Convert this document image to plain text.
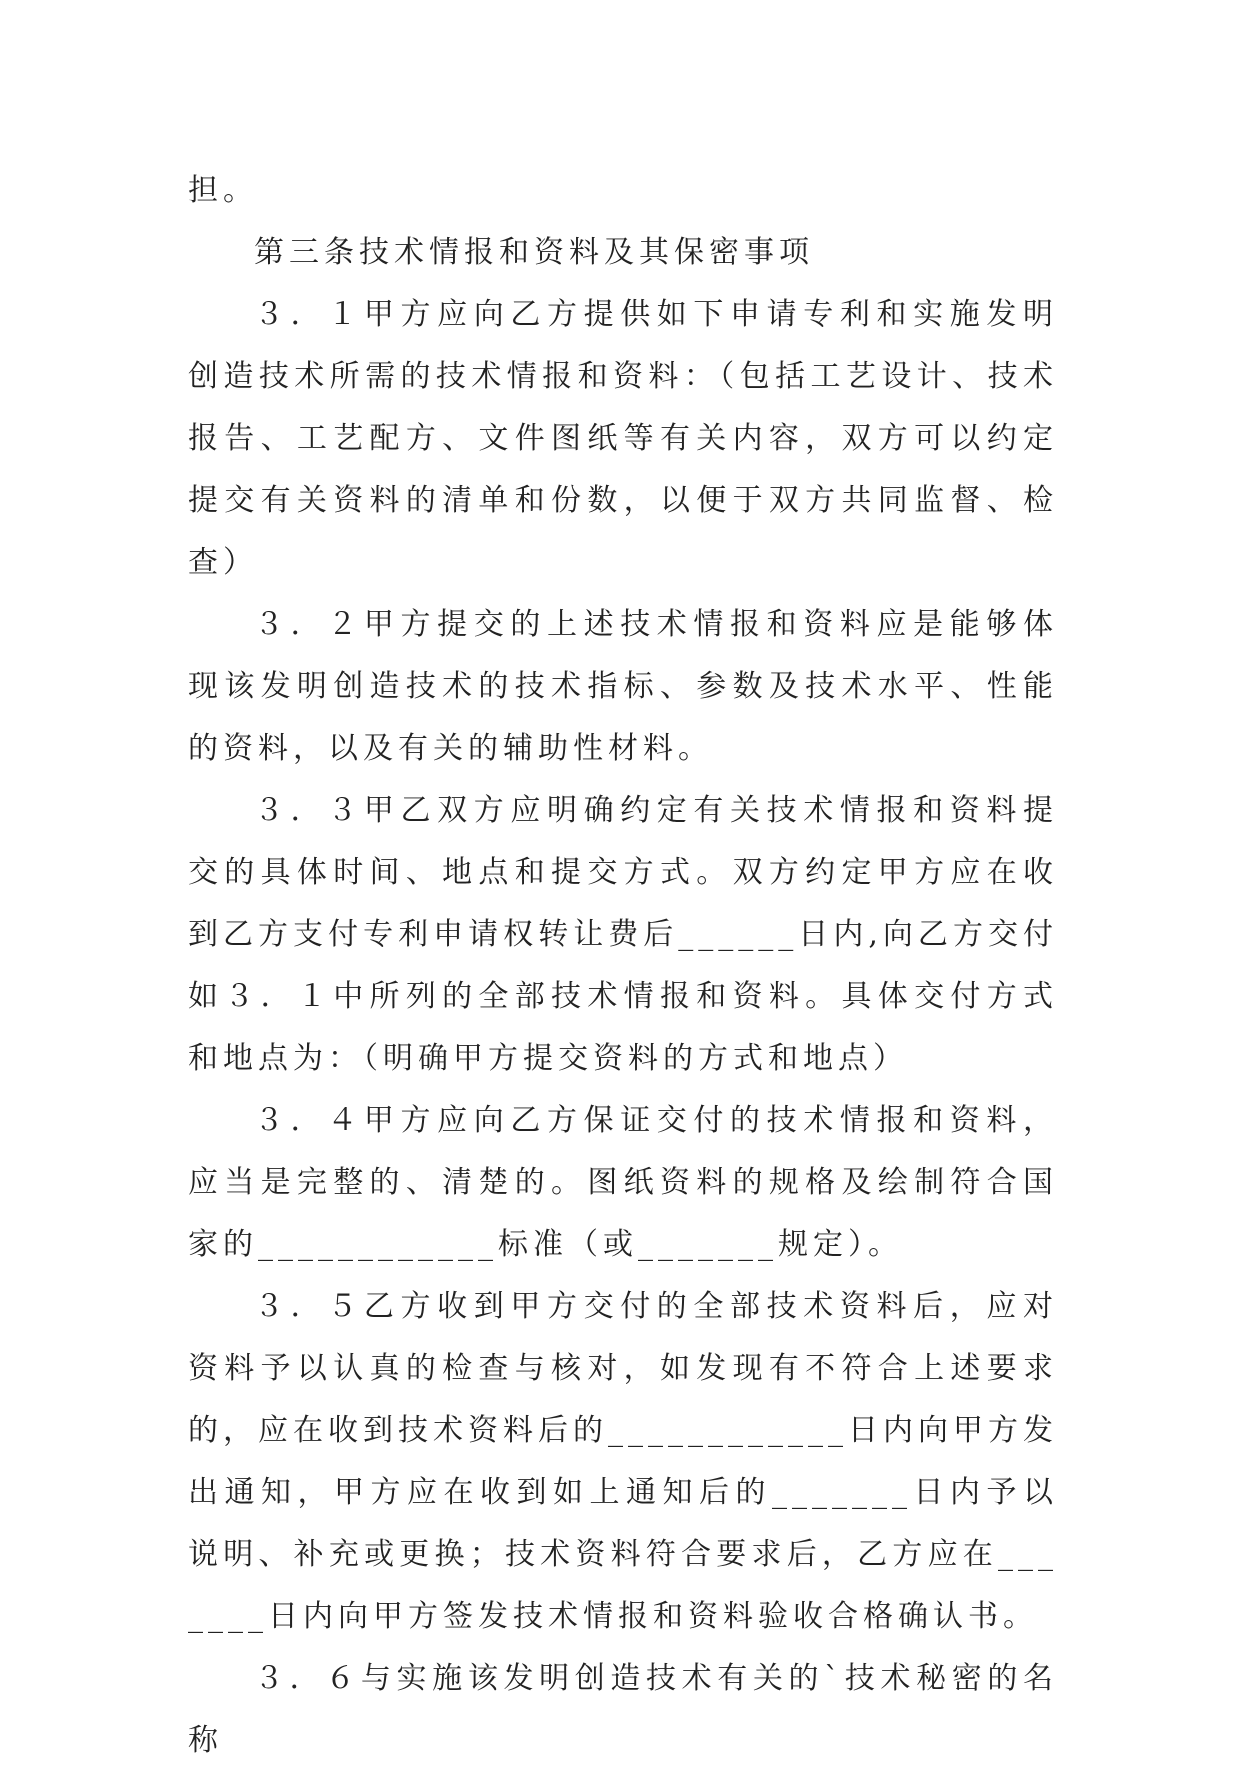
担。

第三条技术情报和资料及其保密事项

３．１甲方应向乙方提供如下申请专利和实施发明创造技术所需的技术情报和资料：（包括工艺设计、技术报告、工艺配方、文件图纸等有关内容，双方可以约定提交有关资料的清单和份数，以便于双方共同监督、检查）

３．２甲方提交的上述技术情报和资料应是能够体现该发明创造技术的技术指标、参数及技术水平、性能的资料，以及有关的辅助性材料。

３．３甲乙双方应明确约定有关技术情报和资料提交的具体时间、地点和提交方式。双方约定甲方应在收到乙方支付专利申请权转让费后______日内,向乙方交付如３．１中所列的全部技术情报和资料。具体交付方式和地点为：（明确甲方提交资料的方式和地点）

３．４甲方应向乙方保证交付的技术情报和资料，应当是完整的、清楚的。图纸资料的规格及绘制符合国家的____________标准（或_______规定）。

３．５乙方收到甲方交付的全部技术资料后，应对资料予以认真的检查与核对，如发现有不符合上述要求的，应在收到技术资料后的____________日内向甲方发出通知，甲方应在收到如上通知后的_______日内予以说明、补充或更换；技术资料符合要求后，乙方应在_______日内向甲方签发技术情报和资料验收合格确认书。

３．６与实施该发明创造技术有关的`技术秘密的名称
